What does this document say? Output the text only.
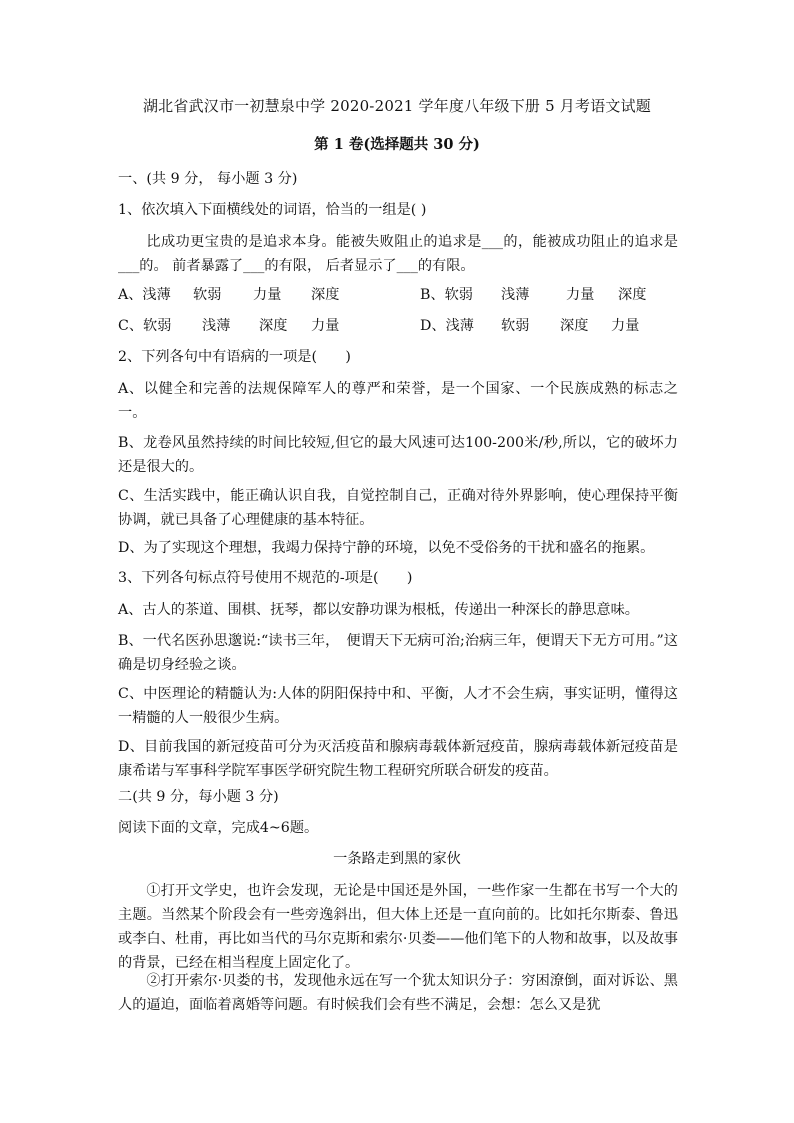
湖北省武汉市一初慧泉中学 2020-2021 学年度八年级下册 5 月考语文试题
第 1 卷(选择题共 30 分)
一、(共 9 分， 每小题 3 分)
1、依次填入下面横线处的词语，恰当的一组是( )
比成功更宝贵的是追求本身。能被失败阻止的追求是___的，能被成功阻止的追求是___的。 前者暴露了___的有限， 后者显示了___的有限。
A、浅薄 软弱 力量 深度	B、软弱 浅薄	力量 深度
C、软弱 浅薄 深度 力量	D、浅薄 软弱 深度 力量
2、下列各句中有语病的一项是(　　)
A、以健全和完善的法规保障军人的尊严和荣誉，是一个国家、一个民族成熟的标志之一。
B、龙卷风虽然持续的时间比较短,但它的最大风速可达100-200米/秒,所以，它的破坏力还是很大的。
C、生活实践中，能正确认识自我，自觉控制自己，正确对待外界影响，使心理保持平衡协调，就已具备了心理健康的基本特征。
D、为了实现这个理想，我竭力保持宁静的环境，以免不受俗务的干扰和盛名的拖累。
3、下列各句标点符号使用不规范的-项是(　　)
A、古人的茶道、围棋、抚琴，都以安静功课为根柢，传递出一种深长的静思意味。
B、一代名医孙思邈说:“读书三年，　便谓天下无病可治;治病三年，便谓天下无方可用。”这确是切身经验之谈。
C、中医理论的精髓认为:人体的阴阳保持中和、平衡，人才不会生病，事实证明，懂得这一精髓的人一般很少生病。
D、目前我国的新冠疫苗可分为灭活疫苗和腺病毒载体新冠疫苗，腺病毒载体新冠疫苗是康希诺与军事科学院军事医学研究院生物工程研究所联合研发的疫苗。
二(共 9 分，每小题 3 分)
阅读下面的文章，完成4~6题。
一条路走到黑的家伙
①打开文学史，也许会发现，无论是中国还是外国，一些作家一生都在书写一个大的主题。当然某个阶段会有一些旁逸斜出，但大体上还是一直向前的。比如托尔斯泰、鲁迅或李白、杜甫，再比如当代的马尔克斯和索尔·贝娄——他们笔下的人物和故事，以及故事的背景，已经在相当程度上固定化了。
②打开索尔·贝娄的书，发现他永远在写一个犹太知识分子：穷困潦倒，面对诉讼、黑人的逼迫，面临着离婚等问题。有时候我们会有些不满足，会想：怎么又是犹
